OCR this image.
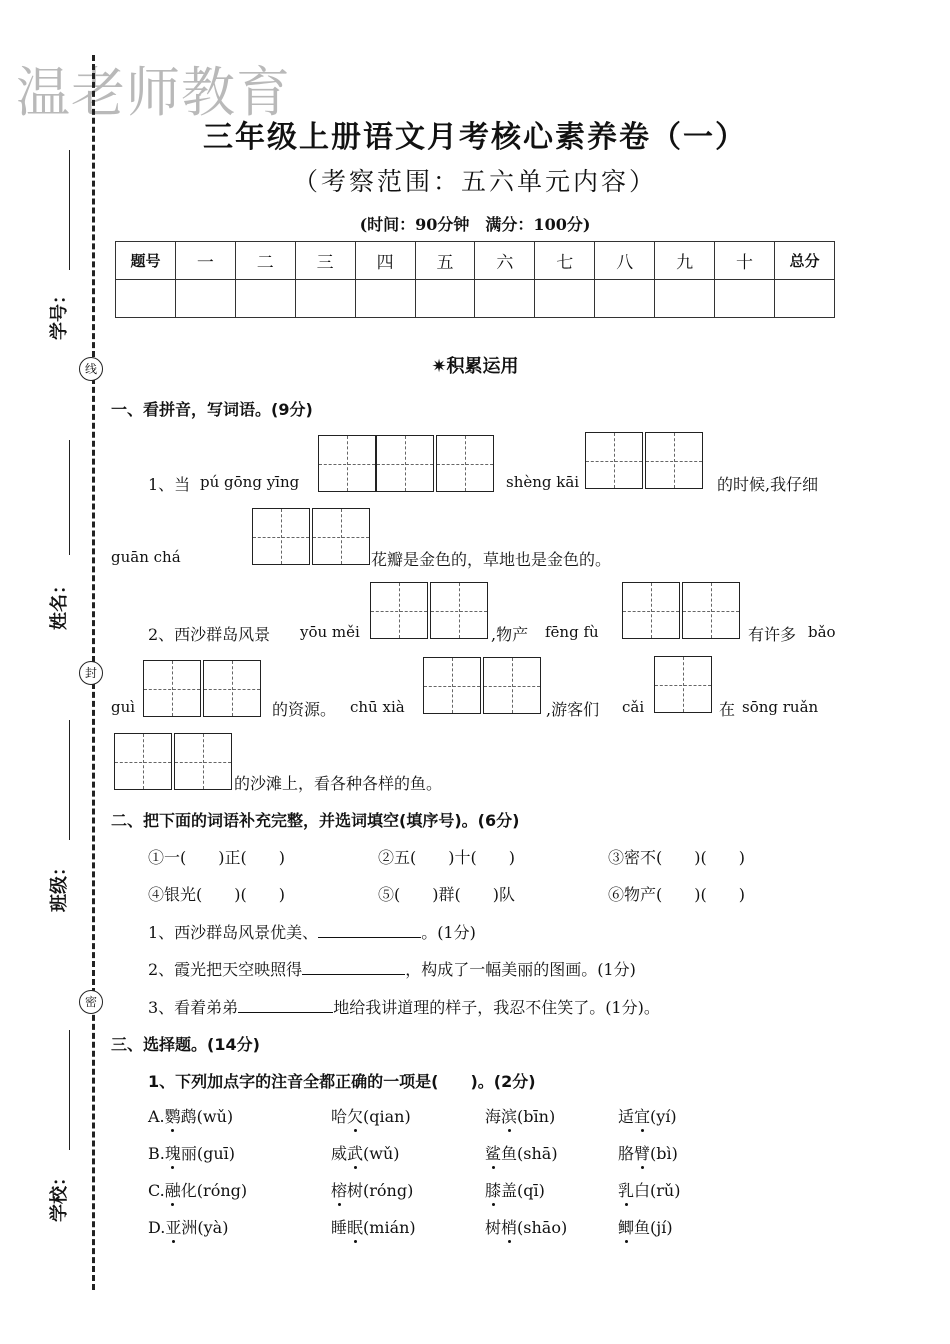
温老师教育
学号：
线
姓名：
封
班级：
密
学校：
三年级上册语文月考核心素养卷（一）
（考察范围：五六单元内容）
(时间：90分钟　满分：100分)
题号	一	二	三	四	五	六	七	八	九	十	总分

✷积累运用
一、看拼音，写词语。(9分)
1、当 pú gōng yīng	shèng kāi	的时候,我仔细
guān chá	花瓣是金色的，草地也是金色的。
2、西沙群岛风景 yōu měi	,物产 fēng fù	有许多 bǎo
guì	的资源。 chū xià	,游客们 cǎi	在 sōng ruǎn
的沙滩上，看各种各样的鱼。
二、把下面的词语补充完整，并选词填空(填序号)。(6分)
①一(　　)正(　　)	②五(　　)十(　　)	③密不(　　)(　　)
④银光(　　)(　　)	⑤(　　)群(　　)队	⑥物产(　　)(　　)
1、西沙群岛风景优美、	。(1分)
2、霞光把天空映照得	，构成了一幅美丽的图画。(1分)
3、看着弟弟	地给我讲道理的样子，我忍不住笑了。(1分)。
三、选择题。(14分)
1、下列加点字的注音全都正确的一项是(　　)。(2分)
A.鹦鹉(wǔ)	哈欠(qian)	海滨(bīn)	适宜(yí)
B.瑰丽(guī)	威武(wǔ)	鲨鱼(shā)	胳臂(bì)
C.融化(róng)	榕树(róng)	膝盖(qī)	乳白(rǔ)
D.亚洲(yà)	睡眠(mián)	树梢(shāo)	鲫鱼(jí)
